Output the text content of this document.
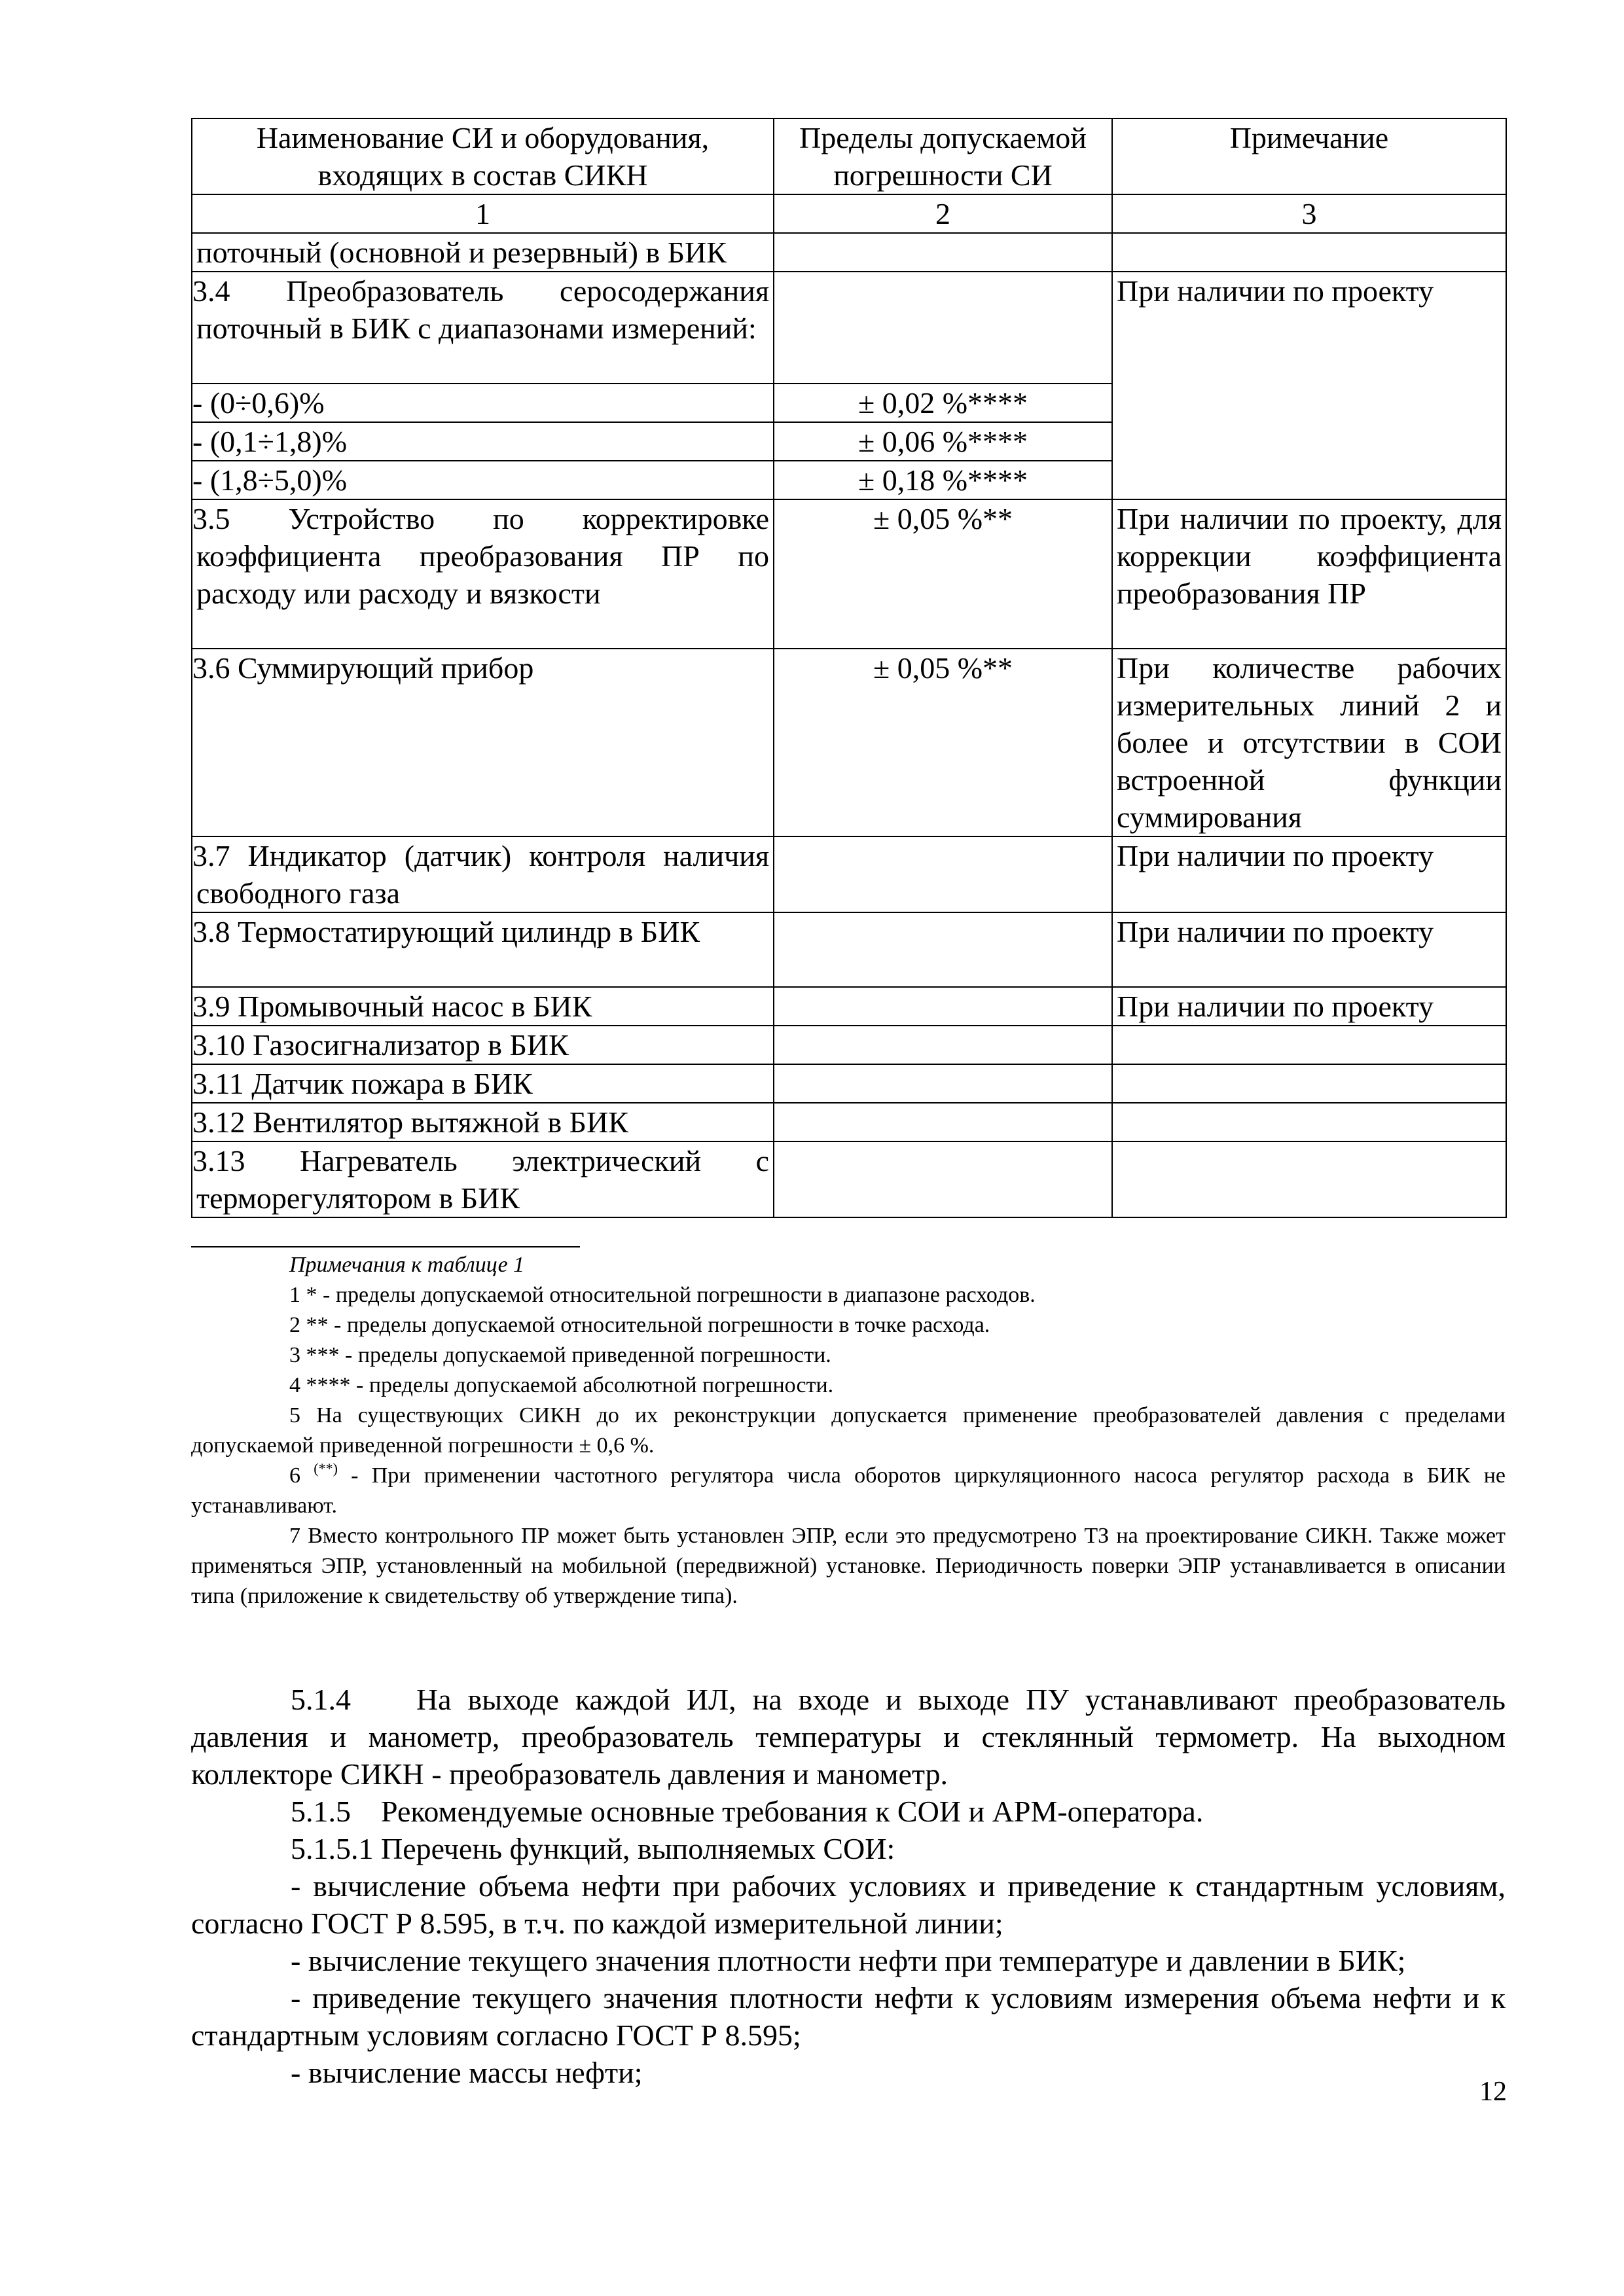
Наименование СИ и оборудования, входящих в состав СИКН	Пределы допускаемой погрешности СИ	Примечание
1	2	3
поточный (основной и резервный) в БИК		
3.4 Преобразователь серосодержания поточный в БИК с диапазонами измерений:		При наличии по проекту
- (0÷0,6)%	± 0,02 %****	
- (0,1÷1,8)%	± 0,06 %****	
- (1,8÷5,0)%	± 0,18 %****	
3.5 Устройство по корректировке коэффициента преобразования ПР по расходу или расходу и вязкости	± 0,05 %**	При наличии по проекту, для коррекции коэффициента преобразования ПР
3.6 Суммирующий прибор	± 0,05 %**	При количестве рабочих измерительных линий 2 и более и отсутствии в СОИ встроенной функции суммирования
3.7 Индикатор (датчик) контроля наличия свободного газа		При наличии по проекту
3.8 Термостатирующий цилиндр в БИК		При наличии по проекту
3.9 Промывочный насос в БИК		При наличии по проекту
3.10 Газосигнализатор в БИК		
3.11 Датчик пожара в БИК		
3.12 Вентилятор вытяжной в БИК		
3.13 Нагреватель электрический с терморегулятором в БИК		

Примечания к таблице 1

1 * - пределы допускаемой относительной погрешности в диапазоне расходов.

2 ** - пределы допускаемой относительной погрешности в точке расхода.

3 *** - пределы допускаемой приведенной погрешности.

4 **** - пределы допускаемой абсолютной погрешности.

5 На существующих СИКН до их реконструкции допускается применение преобразователей давления с пределами допускаемой приведенной погрешности ± 0,6 %.

6 (**) - При применении частотного регулятора числа оборотов циркуляционного насоса регулятор расхода в БИК не устанавливают.

7 Вместо контрольного ПР может быть установлен ЭПР, если это предусмотрено ТЗ на проектирование СИКН. Также может применяться ЭПР, установленный на мобильной (передвижной) установке. Периодичность поверки ЭПР устанавливается в описании типа (приложение к свидетельству об утверждение типа).

5.1.4    На выходе каждой ИЛ, на входе и выходе ПУ устанавливают преобразователь давления и манометр, преобразователь температуры и стеклянный термометр. На выходном коллекторе СИКН - преобразователь давления и манометр.

5.1.5    Рекомендуемые основные требования к СОИ и АРМ-оператора.

5.1.5.1 Перечень функций, выполняемых СОИ:

- вычисление объема нефти при рабочих условиях и приведение к стандартным условиям, согласно ГОСТ Р 8.595, в т.ч. по каждой измерительной линии;

- вычисление текущего значения плотности нефти при температуре и давлении в БИК;

- приведение текущего значения плотности нефти к условиям измерения объема нефти и к стандартным условиям согласно ГОСТ Р 8.595;

- вычисление массы нефти;

12
